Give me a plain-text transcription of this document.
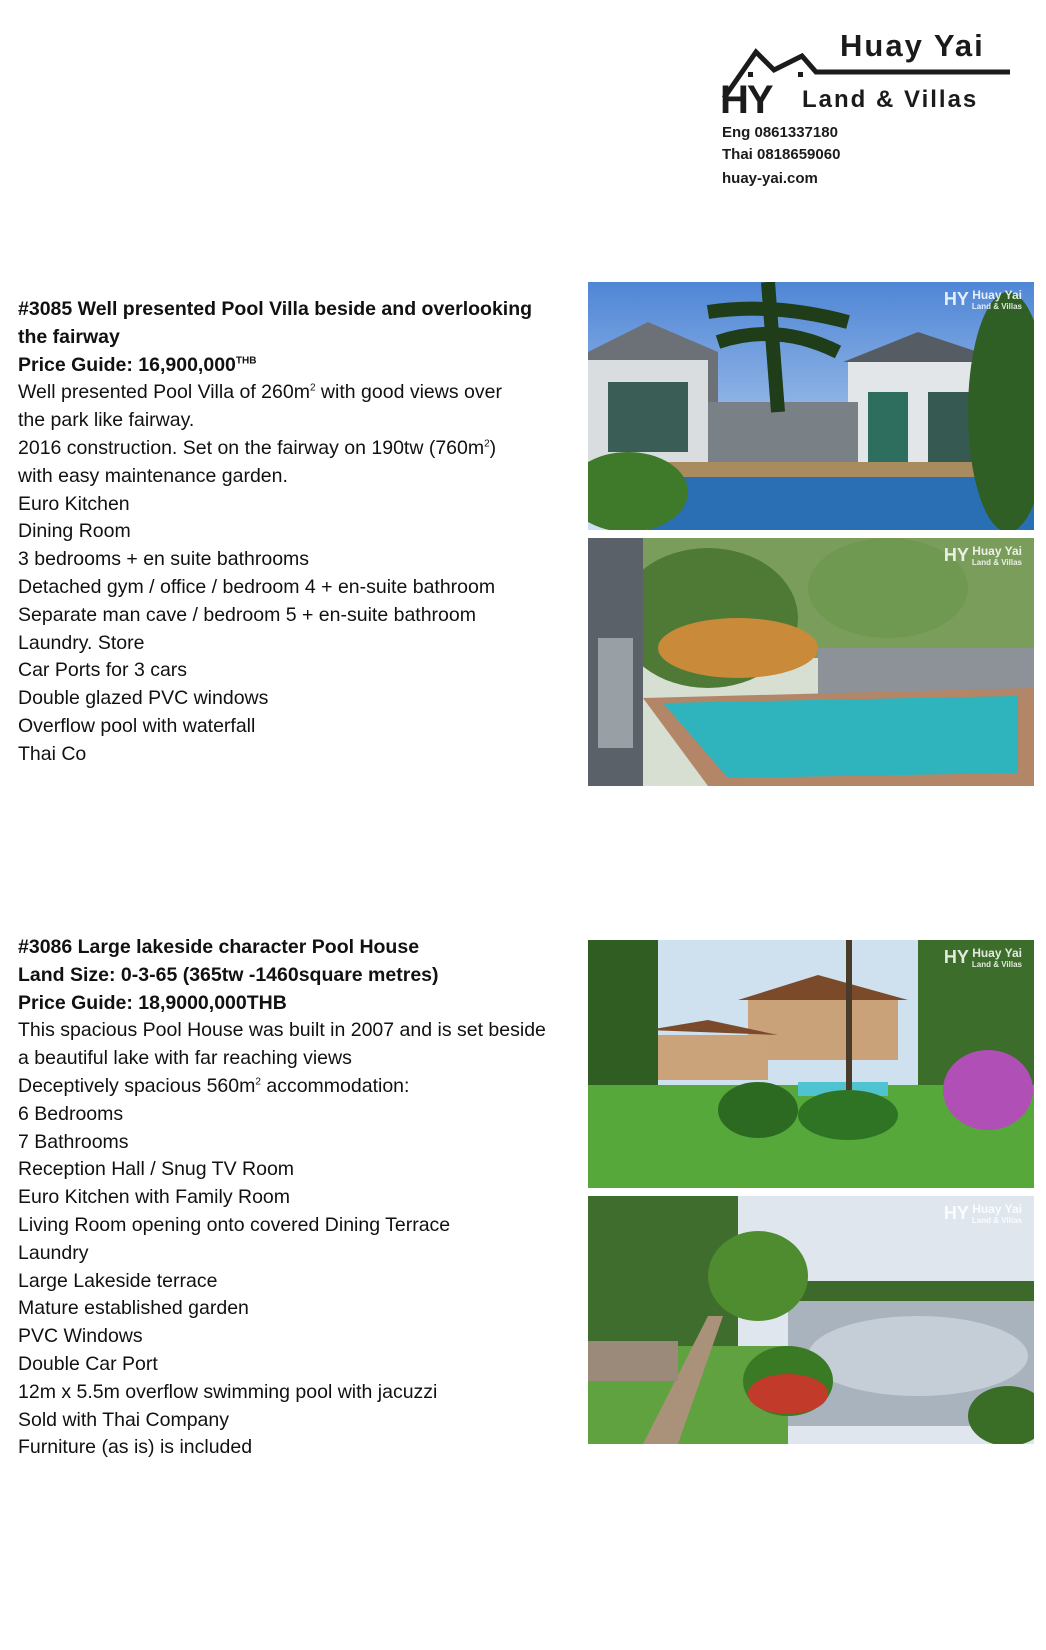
Huay Yai
HY Land & Villas
Eng 0861337180
Thai 0818659060
huay-yai.com
#3085 Well presented Pool Villa beside and overlooking
the fairway
Price Guide: $16,900,000^{THB}$
Well presented Pool Villa of $260m^2$ with good views over
the park like fairway.
2016 construction. Set on the fairway on 190tw $(760m^2)$
with easy maintenance garden.
Euro Kitchen
Dining Room
3 bedrooms + en suite bathrooms
Detached gym / office / bedroom 4 + en-suite bathroom
Separate man cave / bedroom 5 + en-suite bathroom
Laundry. Store
Car Ports for 3 cars
Double glazed PVC windows
Overflow pool with waterfall
Thai Co
HY Huay Yai
Land & Villas
HY Huay Yai
Land & Villas
#3086 Large lakeside character Pool House
Land Size: 0-3-65 (365tw -1460square metres)
Price Guide: 18,9000,000THB
This spacious Pool House was built in 2007 and is set beside
a beautiful lake with far reaching views
Deceptively spacious $560m^2$ accommodation:
6 Bedrooms
7 Bathrooms
Reception Hall / Snug TV Room
Euro Kitchen with Family Room
Living Room opening onto covered Dining Terrace
Laundry
Large Lakeside terrace
Mature established garden
PVC Windows
Double Car Port
12m x 5.5m overflow swimming pool with jacuzzi
Sold with Thai Company
Furniture (as is) is included
HY Huay Yai
Land & Villas
HY Huay Yai
Land & Villas
